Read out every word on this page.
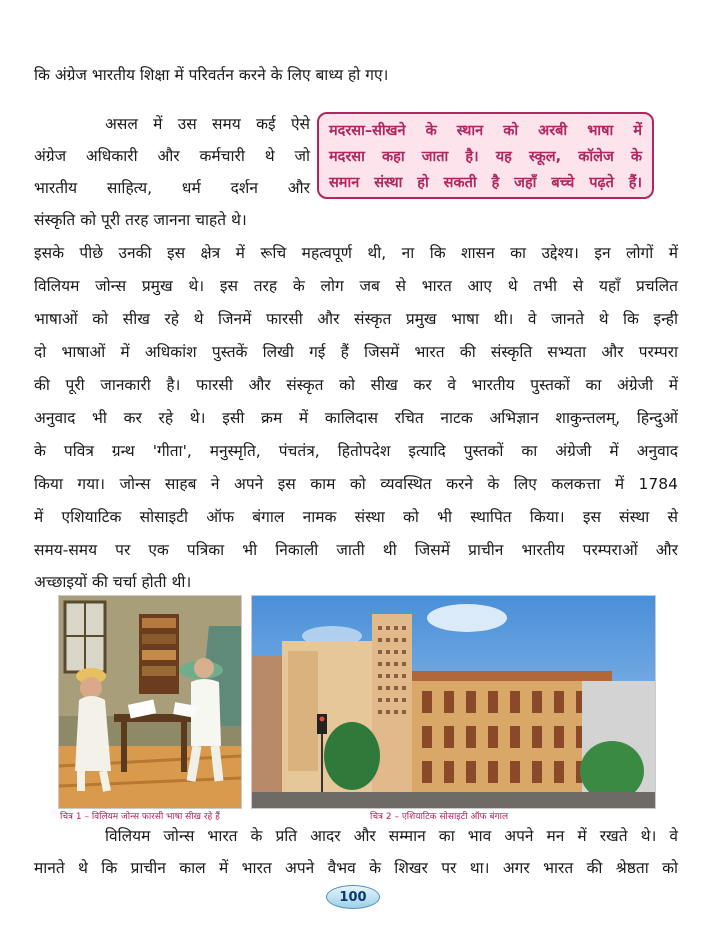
कि अंग्रेज भारतीय शिक्षा में परिवर्तन करने के लिए बाध्य हो गए।
असल में उस समय कई ऐसे
अंग्रेज अधिकारी और कर्मचारी थे जो
भारतीय साहित्य, धर्म दर्शन और
संस्कृति को पूरी तरह जानना चाहते थे।
मदरसा–सीखने के स्थान को अरबी भाषा में
मदरसा कहा जाता है। यह स्कूल, कॉलेज के
समान संस्था हो सकती है जहाँ बच्चे पढ़ते हैं।
इसके पीछे उनकी इस क्षेत्र में रूचि महत्वपूर्ण थी, ना कि शासन का उद्देश्य। इन लोगों में
विलियम जोन्स प्रमुख थे। इस तरह के लोग जब से भारत आए थे तभी से यहाँ प्रचलित
भाषाओं को सीख रहे थे जिनमें फारसी और संस्कृत प्रमुख भाषा थी। वे जानते थे कि इन्ही
दो भाषाओं में अधिकांश पुस्तकें लिखी गई हैं जिसमें भारत की संस्कृति सभ्यता और परम्परा
की पूरी जानकारी है। फारसी और संस्कृत को सीख कर वे भारतीय पुस्तकों का अंग्रेजी में
अनुवाद भी कर रहे थे। इसी क्रम में कालिदास रचित नाटक अभिज्ञान शाकुन्तलम्, हिन्दुओं
के पवित्र ग्रन्थ 'गीता', मनुस्मृति, पंचतंत्र, हितोपदेश इत्यादि पुस्तकों का अंग्रेजी में अनुवाद
किया गया। जोन्स साहब ने अपने इस काम को व्यवस्थित करने के लिए कलकत्ता में 1784
में एशियाटिक सोसाइटी ऑफ बंगाल नामक संस्था को भी स्थापित किया। इस संस्था से
समय-समय पर एक पत्रिका भी निकाली जाती थी जिसमें प्राचीन भारतीय परम्पराओं और
अच्छाइयों की चर्चा होती थी।
चित्र 1 – विलियम जोन्स फारसी भाषा सीख रहे हैं	चित्र 2 – एशियाटिक सोसाइटी ऑफ बंगाल
विलियम जोन्स भारत के प्रति आदर और सम्मान का भाव अपने मन में रखते थे। वे
मानते थे कि प्राचीन काल में भारत अपने वैभव के शिखर पर था। अगर भारत की श्रेष्ठता को
100
